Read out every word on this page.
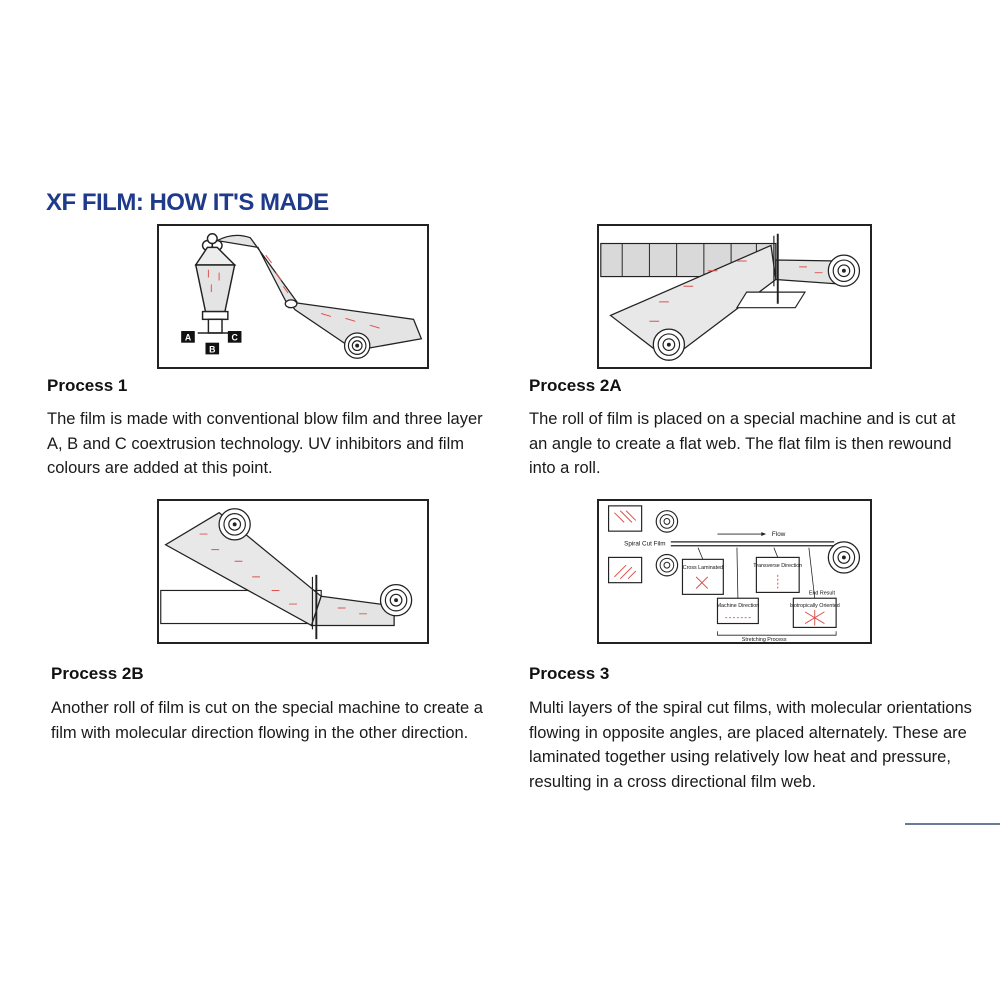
XF FILM: HOW IT'S MADE
A
B
C
Process 1

The film is made with conventional blow film and three layer A, B and C coextrusion technology. UV inhibitors and film colours are added at this point.

Process 2A

The roll of film is placed on a special machine and is cut at an angle to create a flat web. The flat film is then rewound into a roll.

Process 2B

Another roll of film is cut on the special machine to create a film with molecular direction flowing in the other direction.

Spiral Cut Film
Flow
Cross Laminated	Transverse Direction
Machine Direction	Isotropically Oriented
End Result
Stretching Process
Process 3

Multi layers of the spiral cut films, with molecular orientations flowing in opposite angles, are placed alternately. These are laminated together using relatively low heat and pressure, resulting in a cross directional film web.
